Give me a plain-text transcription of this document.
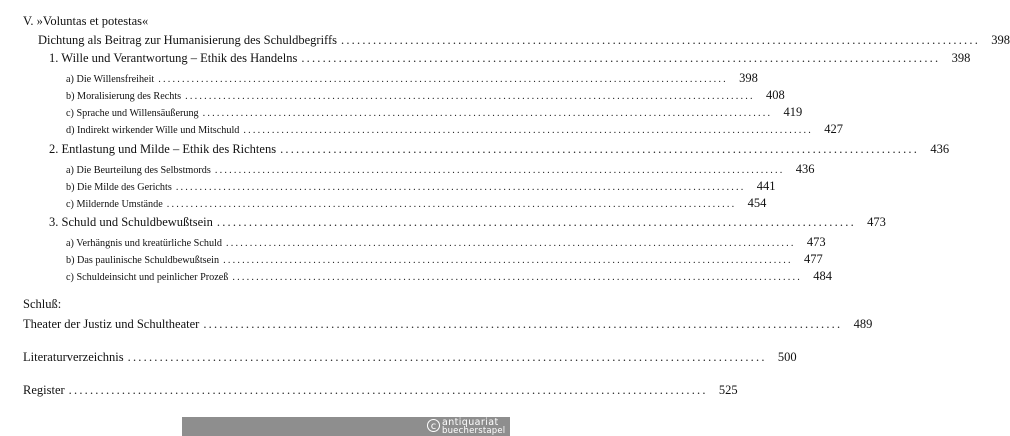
V. »Voluntas et potestas«
Dichtung als Beitrag zur Humanisierung des Schuldbegriffs ........................................................................................................................ 398
1. Wille und Verantwortung – Ethik des Handelns ........................................................................................................................ 398
a) Die Willensfreiheit ........................................................................................................................ 398
b) Moralisierung des Rechts ........................................................................................................................ 408
c) Sprache und Willensäußerung ........................................................................................................................ 419
d) Indirekt wirkender Wille und Mitschuld ........................................................................................................................ 427
2. Entlastung und Milde – Ethik des Richtens ........................................................................................................................ 436
a) Die Beurteilung des Selbstmords ........................................................................................................................ 436
b) Die Milde des Gerichts ........................................................................................................................ 441
c) Mildernde Umstände ........................................................................................................................ 454
3. Schuld und Schuldbewußtsein ........................................................................................................................ 473
a) Verhängnis und kreatürliche Schuld ........................................................................................................................ 473
b) Das paulinische Schuldbewußtsein ........................................................................................................................ 477
c) Schuldeinsicht und peinlicher Prozeß ........................................................................................................................ 484
Schluß:
Theater der Justiz und Schultheater ........................................................................................................................ 489
Literaturverzeichnis ........................................................................................................................ 500
Register ........................................................................................................................ 525
c antiquariat
buecherstapel
